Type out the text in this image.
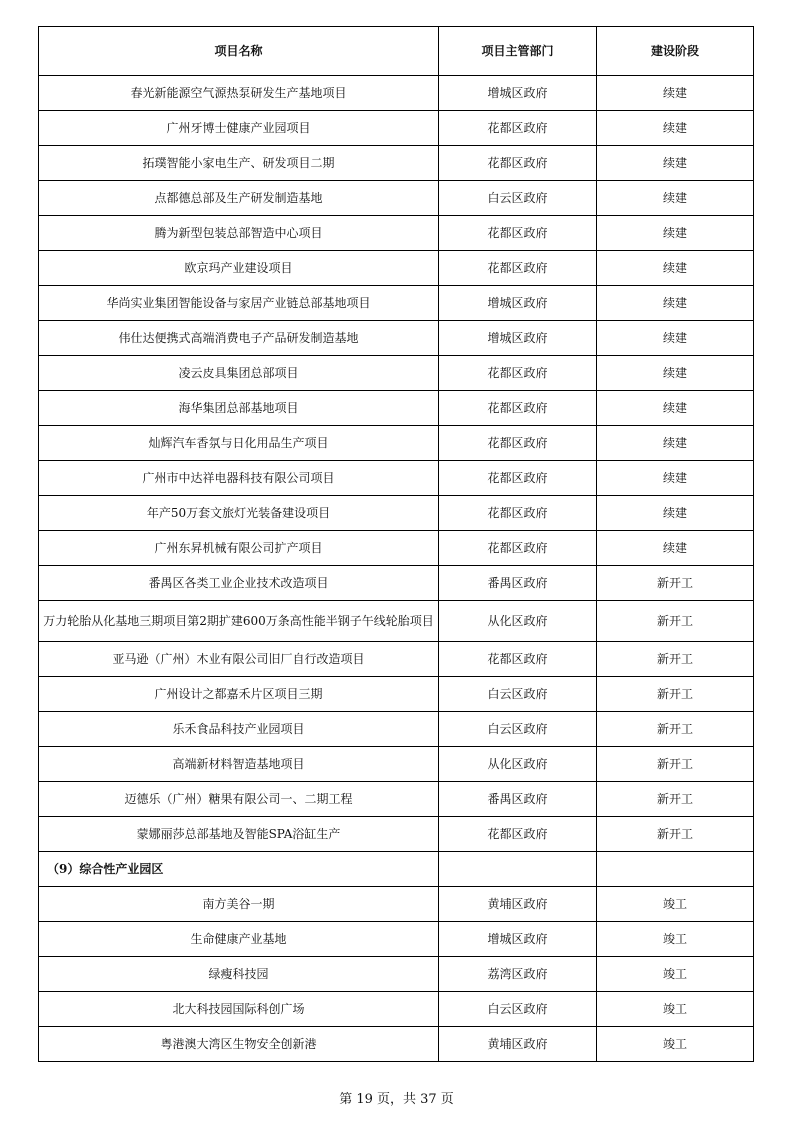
项目名称	项目主管部门	建设阶段
春光新能源空气源热泵研发生产基地项目	增城区政府	续建
广州牙博士健康产业园项目	花都区政府	续建
拓璞智能小家电生产、研发项目二期	花都区政府	续建
点都德总部及生产研发制造基地	白云区政府	续建
腾为新型包装总部智造中心项目	花都区政府	续建
欧京玛产业建设项目	花都区政府	续建
华尚实业集团智能设备与家居产业链总部基地项目	增城区政府	续建
伟仕达便携式高端消费电子产品研发制造基地	增城区政府	续建
凌云皮具集团总部项目	花都区政府	续建
海华集团总部基地项目	花都区政府	续建
灿辉汽车香氛与日化用品生产项目	花都区政府	续建
广州市中达祥电器科技有限公司项目	花都区政府	续建
年产50万套文旅灯光装备建设项目	花都区政府	续建
广州东昇机械有限公司扩产项目	花都区政府	续建
番禺区各类工业企业技术改造项目	番禺区政府	新开工
万力轮胎从化基地三期项目第2期扩建600万条高性能半钢子午线轮胎项目	从化区政府	新开工
亚马逊（广州）木业有限公司旧厂自行改造项目	花都区政府	新开工
广州设计之都嘉禾片区项目三期	白云区政府	新开工
乐禾食品科技产业园项目	白云区政府	新开工
高端新材料智造基地项目	从化区政府	新开工
迈德乐（广州）糖果有限公司一、二期工程	番禺区政府	新开工
蒙娜丽莎总部基地及智能SPA浴缸生产	花都区政府	新开工
（9）综合性产业园区		
南方美谷一期	黄埔区政府	竣工
生命健康产业基地	增城区政府	竣工
绿瘦科技园	荔湾区政府	竣工
北大科技园国际科创广场	白云区政府	竣工
粤港澳大湾区生物安全创新港	黄埔区政府	竣工
第 19 页，共 37 页
